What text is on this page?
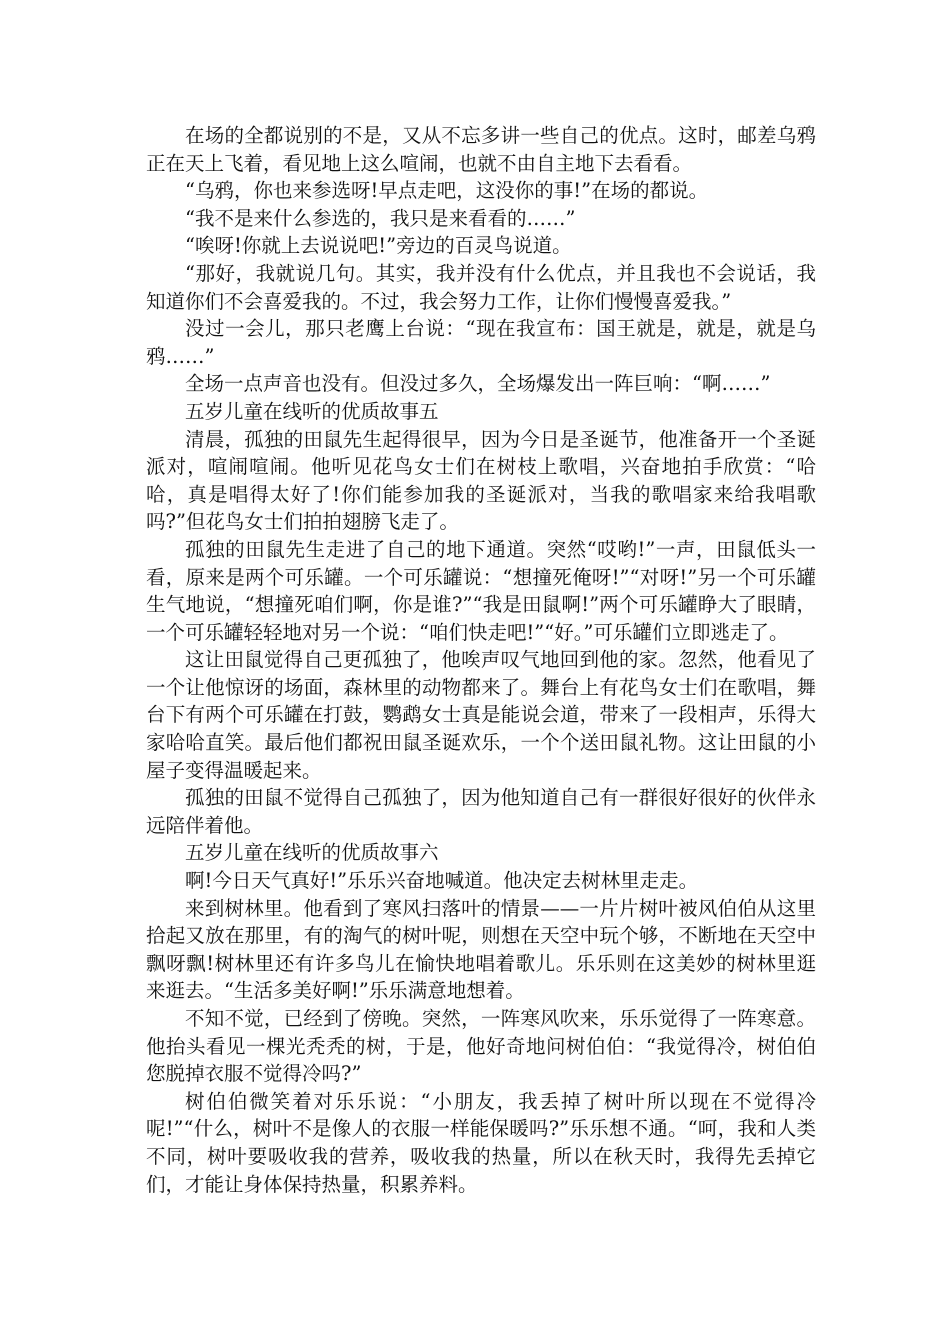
在场的全都说别的不是，又从不忘多讲一些自己的优点。这时，邮差乌鸦正在天上飞着，看见地上这么喧闹，也就不由自主地下去看看。

“乌鸦，你也来参选呀!早点走吧，这没你的事!”在场的都说。

“我不是来什么参选的，我只是来看看的……”

“唉呀!你就上去说说吧!”旁边的百灵鸟说道。

“那好，我就说几句。其实，我并没有什么优点，并且我也不会说话，我知道你们不会喜爱我的。不过，我会努力工作，让你们慢慢喜爱我。”

没过一会儿，那只老鹰上台说：“现在我宣布：国王就是，就是，就是乌鸦……”

全场一点声音也没有。但没过多久，全场爆发出一阵巨响：“啊……”

五岁儿童在线听的优质故事五

清晨，孤独的田鼠先生起得很早，因为今日是圣诞节，他准备开一个圣诞派对，喧闹喧闹。他听见花鸟女士们在树枝上歌唱，兴奋地拍手欣赏：“哈哈，真是唱得太好了!你们能参加我的圣诞派对，当我的歌唱家来给我唱歌吗?”但花鸟女士们拍拍翅膀飞走了。

孤独的田鼠先生走进了自己的地下通道。突然“哎哟!”一声，田鼠低头一看，原来是两个可乐罐。一个可乐罐说：“想撞死俺呀!”“对呀!”另一个可乐罐生气地说，“想撞死咱们啊，你是谁?”“我是田鼠啊!”两个可乐罐睁大了眼睛，一个可乐罐轻轻地对另一个说：“咱们快走吧!”“好。”可乐罐们立即逃走了。

这让田鼠觉得自己更孤独了，他唉声叹气地回到他的家。忽然，他看见了一个让他惊讶的场面，森林里的动物都来了。舞台上有花鸟女士们在歌唱，舞台下有两个可乐罐在打鼓，鹦鹉女士真是能说会道，带来了一段相声，乐得大家哈哈直笑。最后他们都祝田鼠圣诞欢乐，一个个送田鼠礼物。这让田鼠的小屋子变得温暖起来。

孤独的田鼠不觉得自己孤独了，因为他知道自己有一群很好很好的伙伴永远陪伴着他。

五岁儿童在线听的优质故事六

啊!今日天气真好!”乐乐兴奋地喊道。他决定去树林里走走。

来到树林里。他看到了寒风扫落叶的情景——一片片树叶被风伯伯从这里拾起又放在那里，有的淘气的树叶呢，则想在天空中玩个够，不断地在天空中飘呀飘!树林里还有许多鸟儿在愉快地唱着歌儿。乐乐则在这美妙的树林里逛来逛去。“生活多美好啊!”乐乐满意地想着。

不知不觉，已经到了傍晚。突然，一阵寒风吹来，乐乐觉得了一阵寒意。他抬头看见一棵光秃秃的树，于是，他好奇地问树伯伯：“我觉得冷，树伯伯您脱掉衣服不觉得冷吗?”

树伯伯微笑着对乐乐说：“小朋友，我丢掉了树叶所以现在不觉得冷呢!”“什么，树叶不是像人的衣服一样能保暖吗?”乐乐想不通。“呵，我和人类不同，树叶要吸收我的营养，吸收我的热量，所以在秋天时，我得先丢掉它们，才能让身体保持热量，积累养料。
